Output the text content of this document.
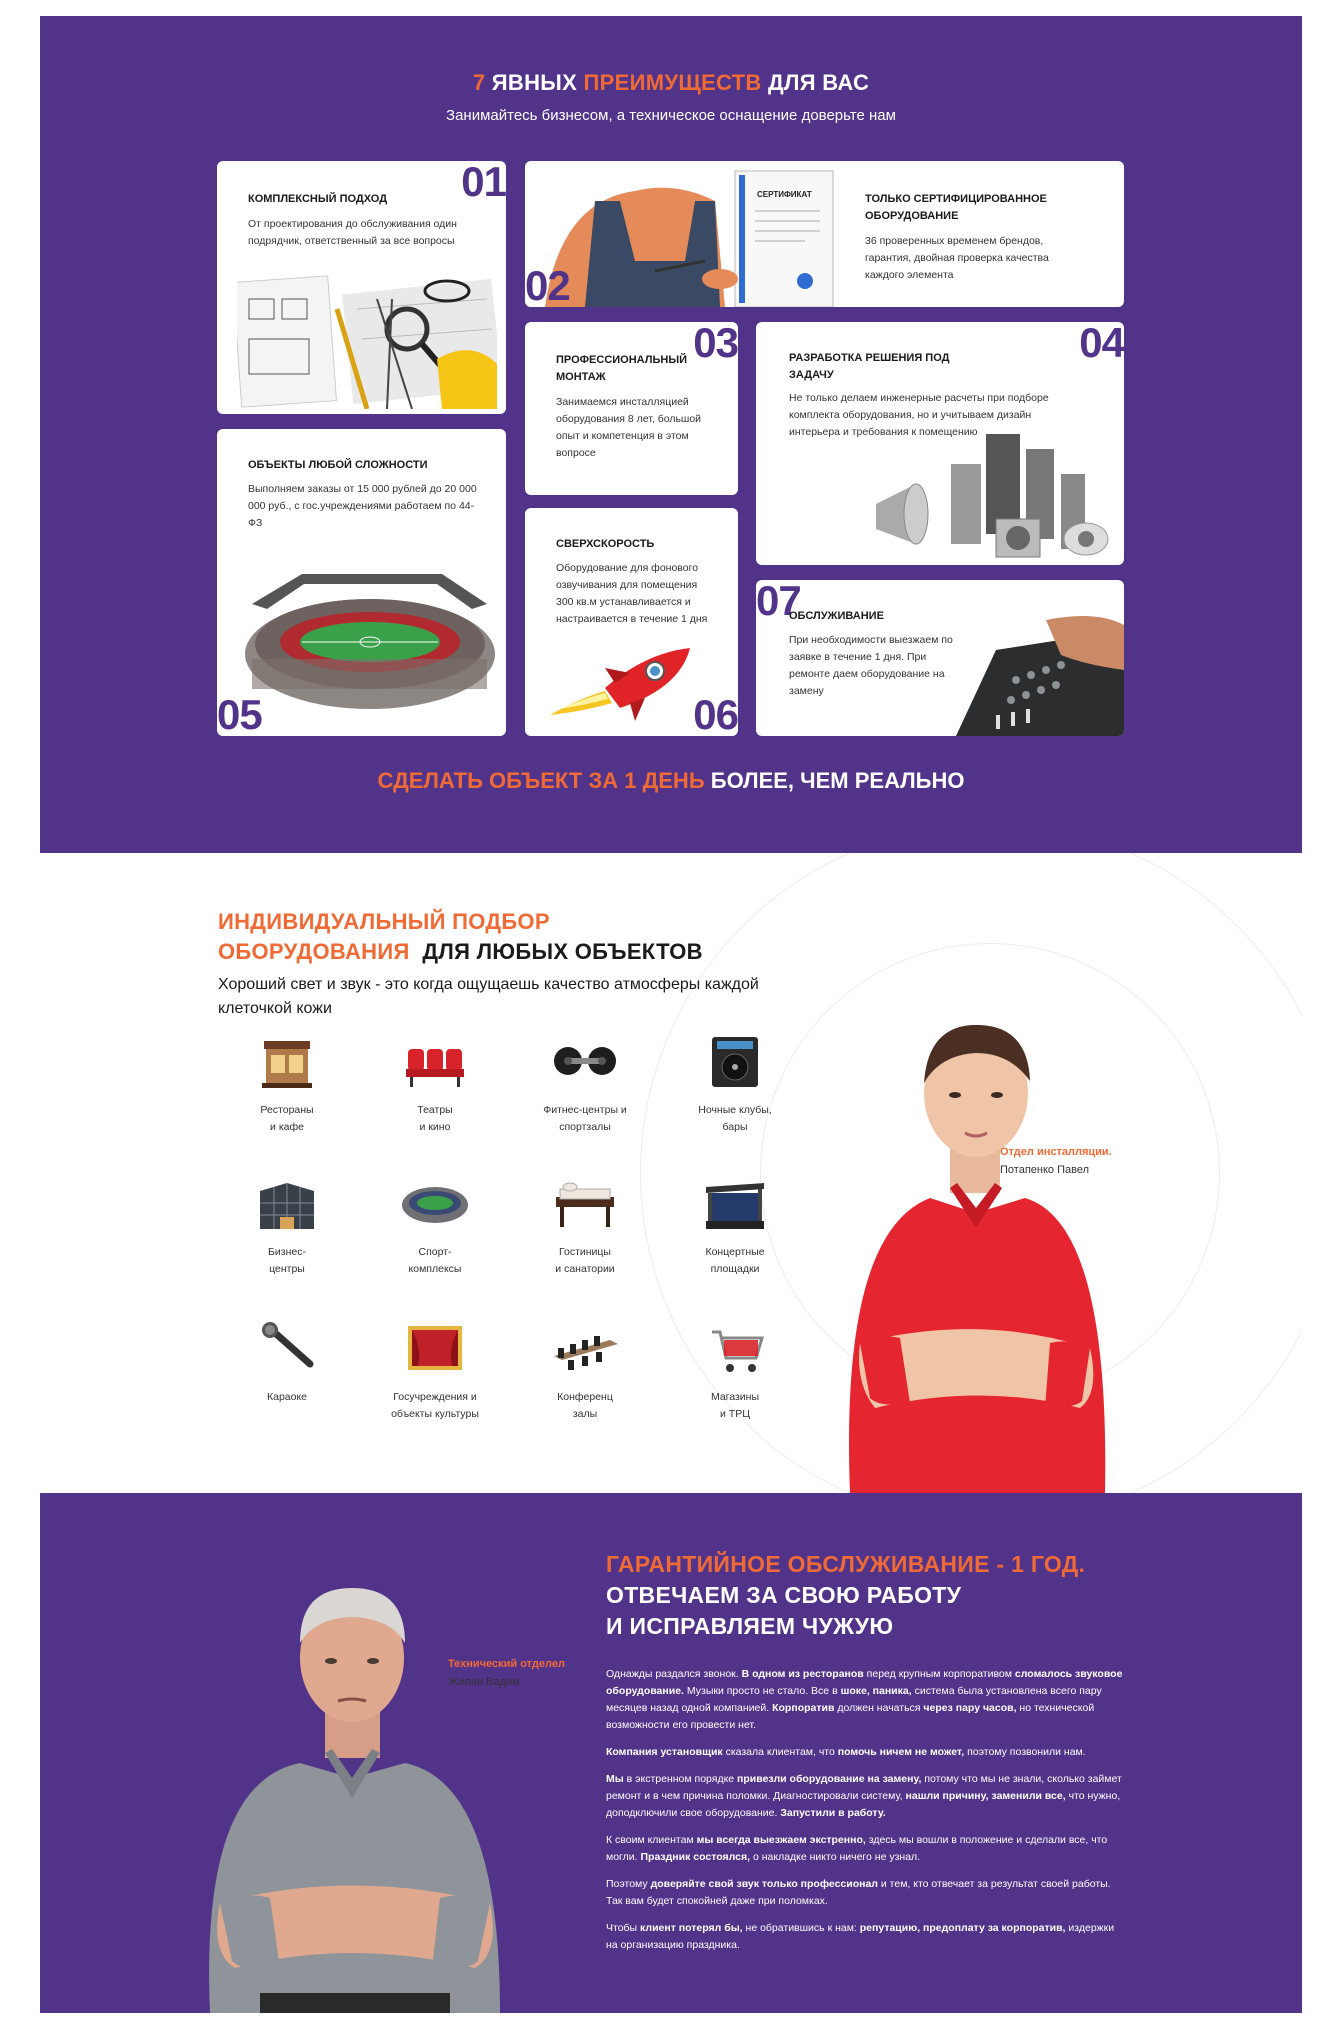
7 ЯВНЫХ ПРЕИМУЩЕСТВ ДЛЯ ВАС
Занимайтесь бизнесом, а техническое оснащение доверьте нам
01
КОМПЛЕКСНЫЙ ПОДХОД
От проектирования до обслуживания один подрядчик, ответственный за все вопросы
СЕРТИФИКАТ
02
ТОЛЬКО СЕРТИФИЦИРОВАННОЕ ОБОРУДОВАНИЕ
36 проверенных временем брендов, гарантия, двойная проверка качества каждого элемента
03
ПРОФЕССИОНАЛЬНЫЙ МОНТАЖ
Занимаемся инсталляцией оборудования 8 лет, большой опыт и компетенция в этом вопросе
04
РАЗРАБОТКА РЕШЕНИЯ ПОД ЗАДАЧУ
Не только делаем инженерные расчеты при подборе комплекта оборудования, но и учитываем дизайн интерьера и требования к помещению
ОБЪЕКТЫ ЛЮБОЙ СЛОЖНОСТИ
Выполняем заказы от 15 000 рублей до 20 000 000 руб., с гос.учреждениями работаем по 44-ФЗ
05
СВЕРХСКОРОСТЬ
Оборудование для фонового озвучивания для помещения 300 кв.м устанавливается и настраивается в течение 1 дня
06
07
ОБСЛУЖИВАНИЕ
При необходимости выезжаем по заявке в течение 1 дня. При ремонте даем оборудование на замену
СДЕЛАТЬ ОБЪЕКТ ЗА 1 ДЕНЬ БОЛЕЕ, ЧЕМ РЕАЛЬНО
ИНДИВИДУАЛЬНЫЙ ПОДБОР
ОБОРУДОВАНИЯ ДЛЯ ЛЮБЫХ ОБЪЕКТОВ
Хороший свет и звук - это когда ощущаешь качество атмосферы каждой клеточкой кожи
Рестораны
и кафе
Театры
и кино
Фитнес-центры и
спортзалы
Ночные клубы,
бары
Бизнес-
центры
Спорт-
комплексы
Гостиницы
и санатории
Концертные
площадки
Караоке	Госучреждения и
объекты культуры
Конференц
залы
Магазины
и ТРЦ
Отдел инсталляции.
Потапенко Павел
Технический отделел
Жилин Вадим
ГАРАНТИЙНОЕ ОБСЛУЖИВАНИЕ - 1 ГОД.
ОТВЕЧАЕМ ЗА СВОЮ РАБОТУ
И ИСПРАВЛЯЕМ ЧУЖУЮ

Однажды раздался звонок. В одном из ресторанов перед крупным корпоративом сломалось звуковое оборудование. Музыки просто не стало. Все в шоке, паника, система была установлена всего пару месяцев назад одной компанией. Корпоратив должен начаться через пару часов, но технической возможности его провести нет.

Компания установщик сказала клиентам, что помочь ничем не может, поэтому позвонили нам.

Мы в экстренном порядке привезли оборудование на замену, потому что мы не знали, сколько займет ремонт и в чем причина поломки. Диагностировали систему, нашли причину, заменили все, что нужно, доподключили свое оборудование. Запустили в работу.

К своим клиентам мы всегда выезжаем экстренно, здесь мы вошли в положение и сделали все, что могли. Праздник состоялся, о накладке никто ничего не узнал.

Поэтому доверяйте свой звук только профессионал и тем, кто отвечает за результат своей работы. Так вам будет спокойней даже при поломках.

Чтобы клиент потерял бы, не обратившись к нам: репутацию, предоплату за корпоратив, издержки на организацию праздника.
